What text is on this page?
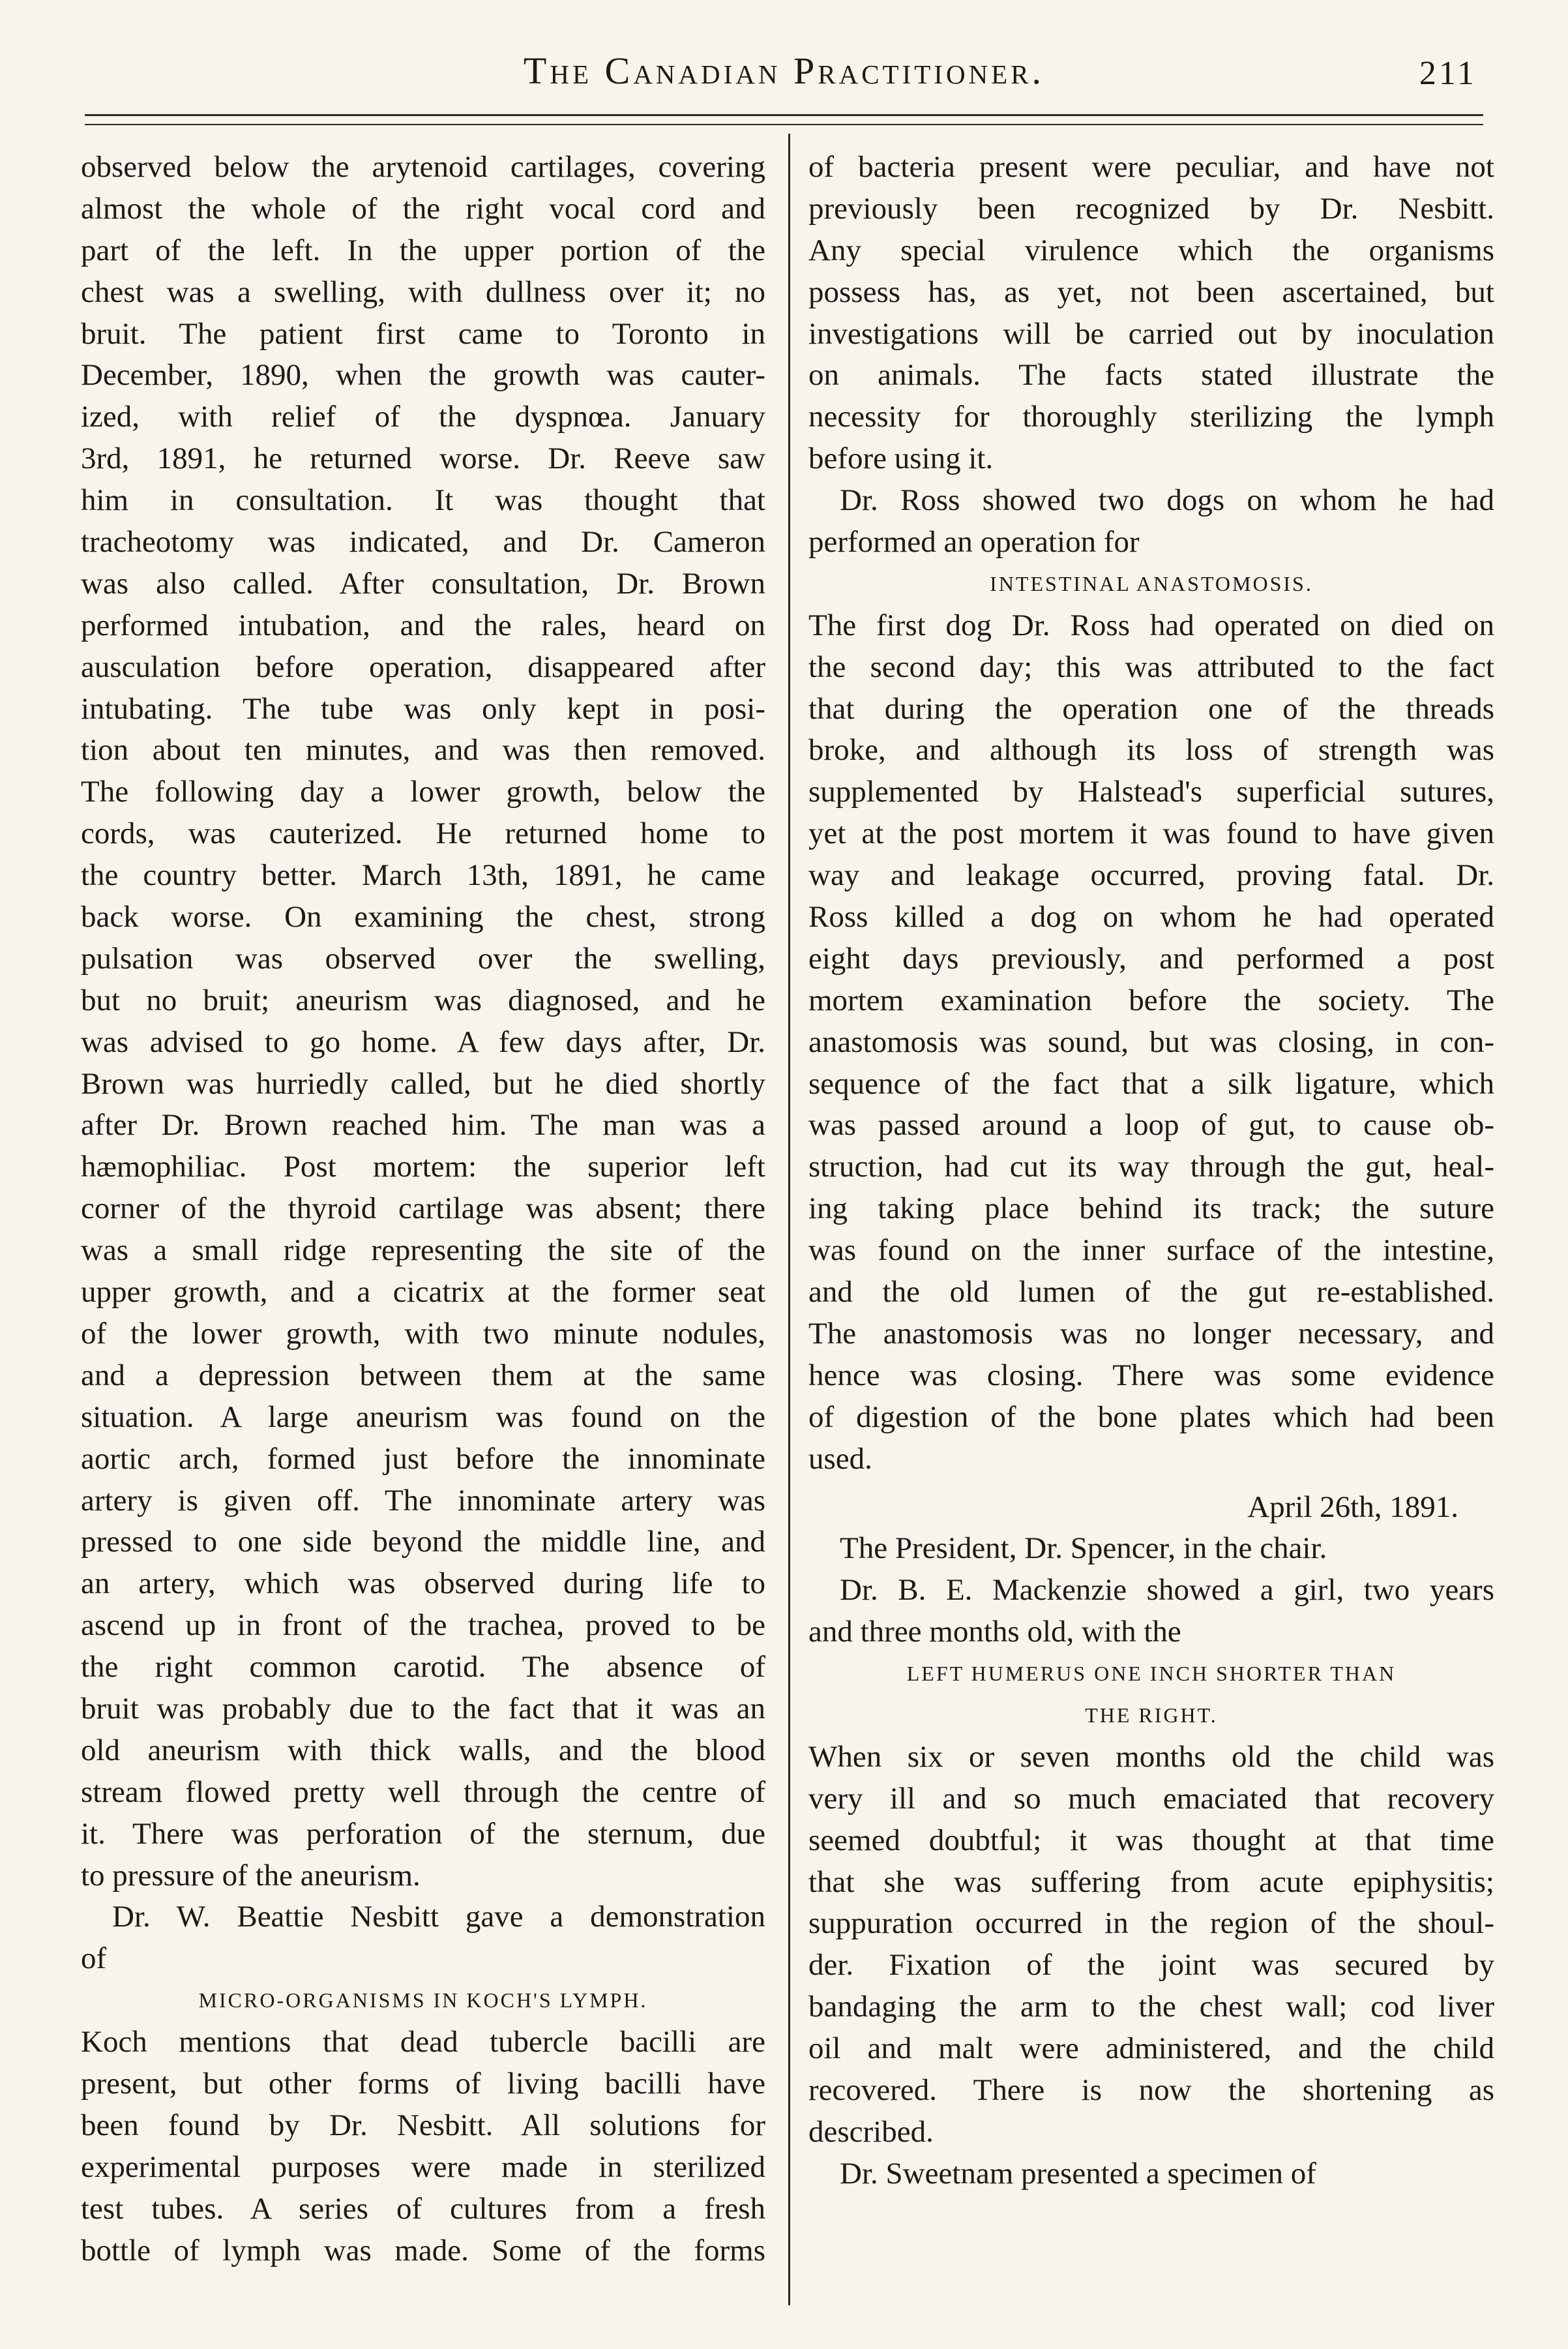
The Canadian Practitioner.	211
observed below the arytenoid cartilages, covering
almost the whole of the right vocal cord and
part of the left. In the upper portion of the
chest was a swelling, with dullness over it; no
bruit. The patient first came to Toronto in
December, 1890, when the growth was cauter-
ized, with relief of the dyspnœa. January
3rd, 1891, he returned worse. Dr. Reeve saw
him in consultation. It was thought that
tracheotomy was indicated, and Dr. Cameron
was also called. After consultation, Dr. Brown
performed intubation, and the rales, heard on
ausculation before operation, disappeared after
intubating. The tube was only kept in posi-
tion about ten minutes, and was then removed.
The following day a lower growth, below the
cords, was cauterized. He returned home to
the country better. March 13th, 1891, he came
back worse. On examining the chest, strong
pulsation was observed over the swelling,
but no bruit; aneurism was diagnosed, and he
was advised to go home. A few days after, Dr.
Brown was hurriedly called, but he died shortly
after Dr. Brown reached him. The man was a
hæmophiliac. Post mortem: the superior left
corner of the thyroid cartilage was absent; there
was a small ridge representing the site of the
upper growth, and a cicatrix at the former seat
of the lower growth, with two minute nodules,
and a depression between them at the same
situation. A large aneurism was found on the
aortic arch, formed just before the innominate
artery is given off. The innominate artery was
pressed to one side beyond the middle line, and
an artery, which was observed during life to
ascend up in front of the trachea, proved to be
the right common carotid. The absence of
bruit was probably due to the fact that it was an
old aneurism with thick walls, and the blood
stream flowed pretty well through the centre of
it. There was perforation of the sternum, due
to pressure of the aneurism.
Dr. W. Beattie Nesbitt gave a demonstration
of
MICRO-ORGANISMS IN KOCH'S LYMPH.
Koch mentions that dead tubercle bacilli are
present, but other forms of living bacilli have
been found by Dr. Nesbitt. All solutions for
experimental purposes were made in sterilized
test tubes. A series of cultures from a fresh
bottle of lymph was made. Some of the forms
of bacteria present were peculiar, and have not
previously been recognized by Dr. Nesbitt.
Any special virulence which the organisms
possess has, as yet, not been ascertained, but
investigations will be carried out by inoculation
on animals. The facts stated illustrate the
necessity for thoroughly sterilizing the lymph
before using it.
Dr. Ross showed two dogs on whom he had
performed an operation for
INTESTINAL ANASTOMOSIS.
The first dog Dr. Ross had operated on died on
the second day; this was attributed to the fact
that during the operation one of the threads
broke, and although its loss of strength was
supplemented by Halstead's superficial sutures,
yet at the post mortem it was found to have given
way and leakage occurred, proving fatal. Dr.
Ross killed a dog on whom he had operated
eight days previously, and performed a post
mortem examination before the society. The
anastomosis was sound, but was closing, in con-
sequence of the fact that a silk ligature, which
was passed around a loop of gut, to cause ob-
struction, had cut its way through the gut, heal-
ing taking place behind its track; the suture
was found on the inner surface of the intestine,
and the old lumen of the gut re-established.
The anastomosis was no longer necessary, and
hence was closing. There was some evidence
of digestion of the bone plates which had been
used.
April 26th, 1891.
The President, Dr. Spencer, in the chair.
Dr. B. E. Mackenzie showed a girl, two years
and three months old, with the
LEFT HUMERUS ONE INCH SHORTER THAN
THE RIGHT.
When six or seven months old the child was
very ill and so much emaciated that recovery
seemed doubtful; it was thought at that time
that she was suffering from acute epiphysitis;
suppuration occurred in the region of the shoul-
der. Fixation of the joint was secured by
bandaging the arm to the chest wall; cod liver
oil and malt were administered, and the child
recovered. There is now the shortening as
described.
Dr. Sweetnam presented a specimen of
